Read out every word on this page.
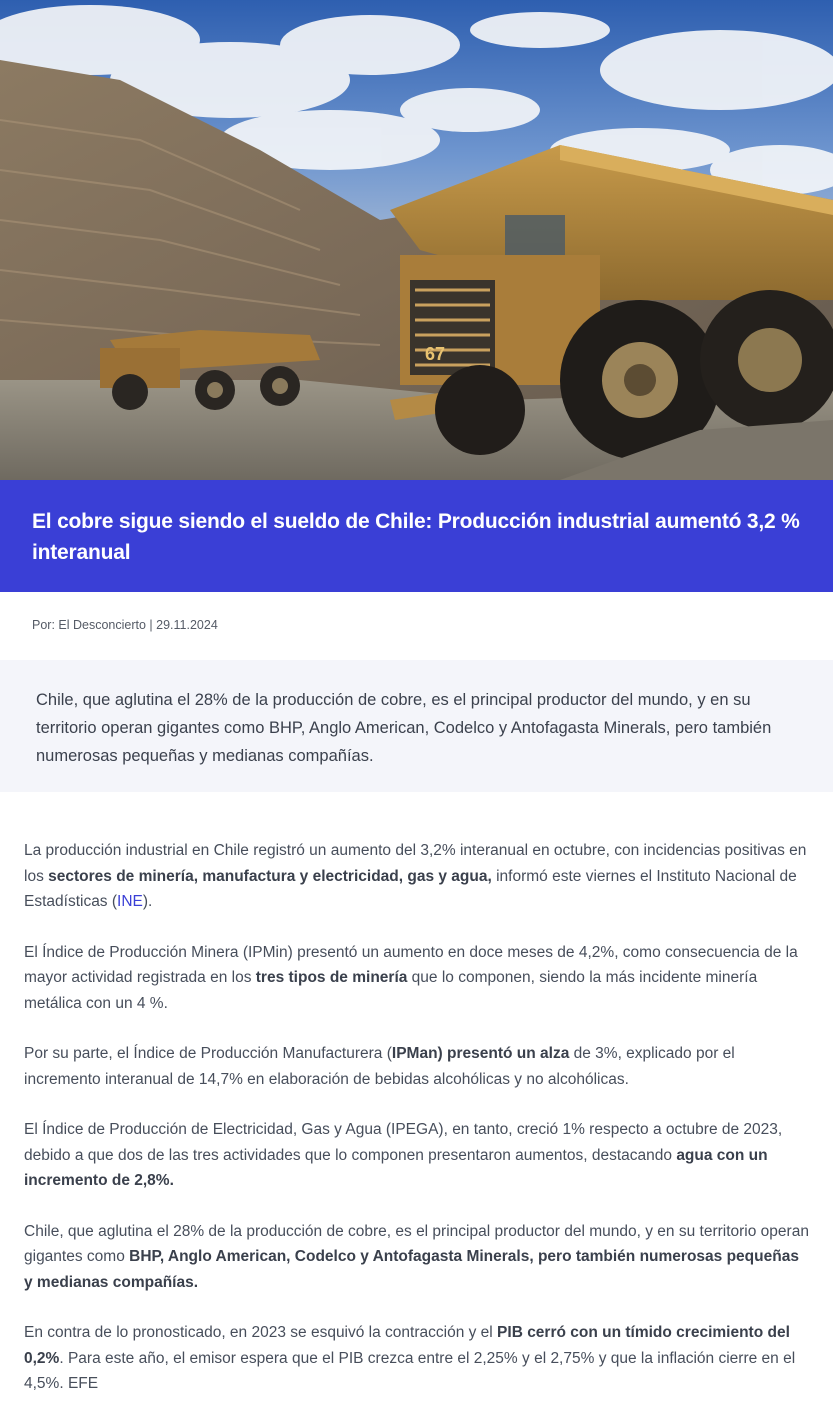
67
El cobre sigue siendo el sueldo de Chile: Producción industrial aumentó 3,2 % interanual
Por: El Desconcierto | 29.11.2024
Chile, que aglutina el 28% de la producción de cobre, es el principal productor del mundo, y en su territorio operan gigantes como BHP, Anglo American, Codelco y Antofagasta Minerals, pero también numerosas pequeñas y medianas compañías.

La producción industrial en Chile registró un aumento del 3,2% interanual en octubre, con incidencias positivas en los sectores de minería, manufactura y electricidad, gas y agua, informó este viernes el Instituto Nacional de Estadísticas (INE).

El Índice de Producción Minera (IPMin) presentó un aumento en doce meses de 4,2%, como consecuencia de la mayor actividad registrada en los tres tipos de minería que lo componen, siendo la más incidente minería metálica con un 4 %.

Por su parte, el Índice de Producción Manufacturera (IPMan) presentó un alza de 3%, explicado por el incremento interanual de 14,7% en elaboración de bebidas alcohólicas y no alcohólicas.

El Índice de Producción de Electricidad, Gas y Agua (IPEGA), en tanto, creció 1% respecto a octubre de 2023, debido a que dos de las tres actividades que lo componen presentaron aumentos, destacando agua con un incremento de 2,8%.

Chile, que aglutina el 28% de la producción de cobre, es el principal productor del mundo, y en su territorio operan gigantes como BHP, Anglo American, Codelco y Antofagasta Minerals, pero también numerosas pequeñas y medianas compañías.

En contra de lo pronosticado, en 2023 se esquivó la contracción y el PIB cerró con un tímido crecimiento del 0,2%. Para este año, el emisor espera que el PIB crezca entre el 2,25% y el 2,75% y que la inflación cierre en el 4,5%. EFE
